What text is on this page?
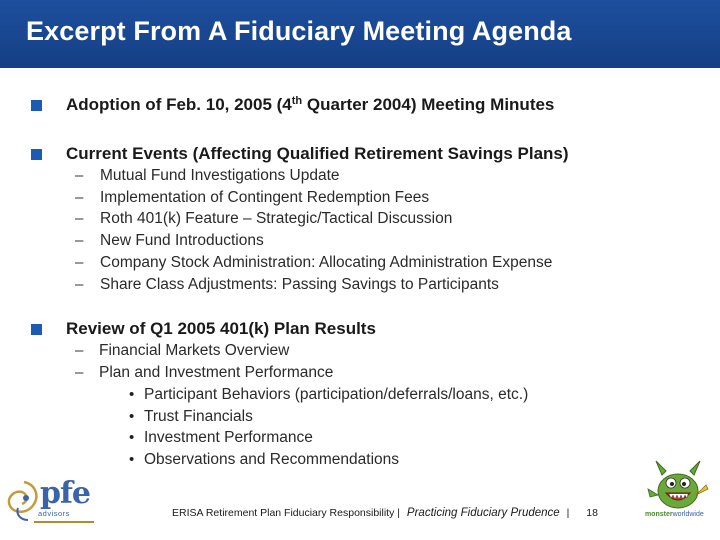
Excerpt From A Fiduciary Meeting Agenda
Adoption of Feb. 10, 2005 (4th Quarter 2004) Meeting Minutes
Current Events (Affecting Qualified Retirement Savings Plans)
– Mutual Fund Investigations Update
– Implementation of Contingent Redemption Fees
– Roth 401(k) Feature – Strategic/Tactical Discussion
– New Fund Introductions
– Company Stock Administration: Allocating Administration Expense
– Share Class Adjustments: Passing Savings to Participants
Review of Q1 2005 401(k) Plan Results
– Financial Markets Overview
– Plan and Investment Performance
• Participant Behaviors (participation/deferrals/loans, etc.)
• Trust Financials
• Investment Performance
• Observations and Recommendations
pfe
advisors	ERISA Retirement Plan Fiduciary Responsibility | Practicing Fiduciary Prudence | 18	monsterworldwide
